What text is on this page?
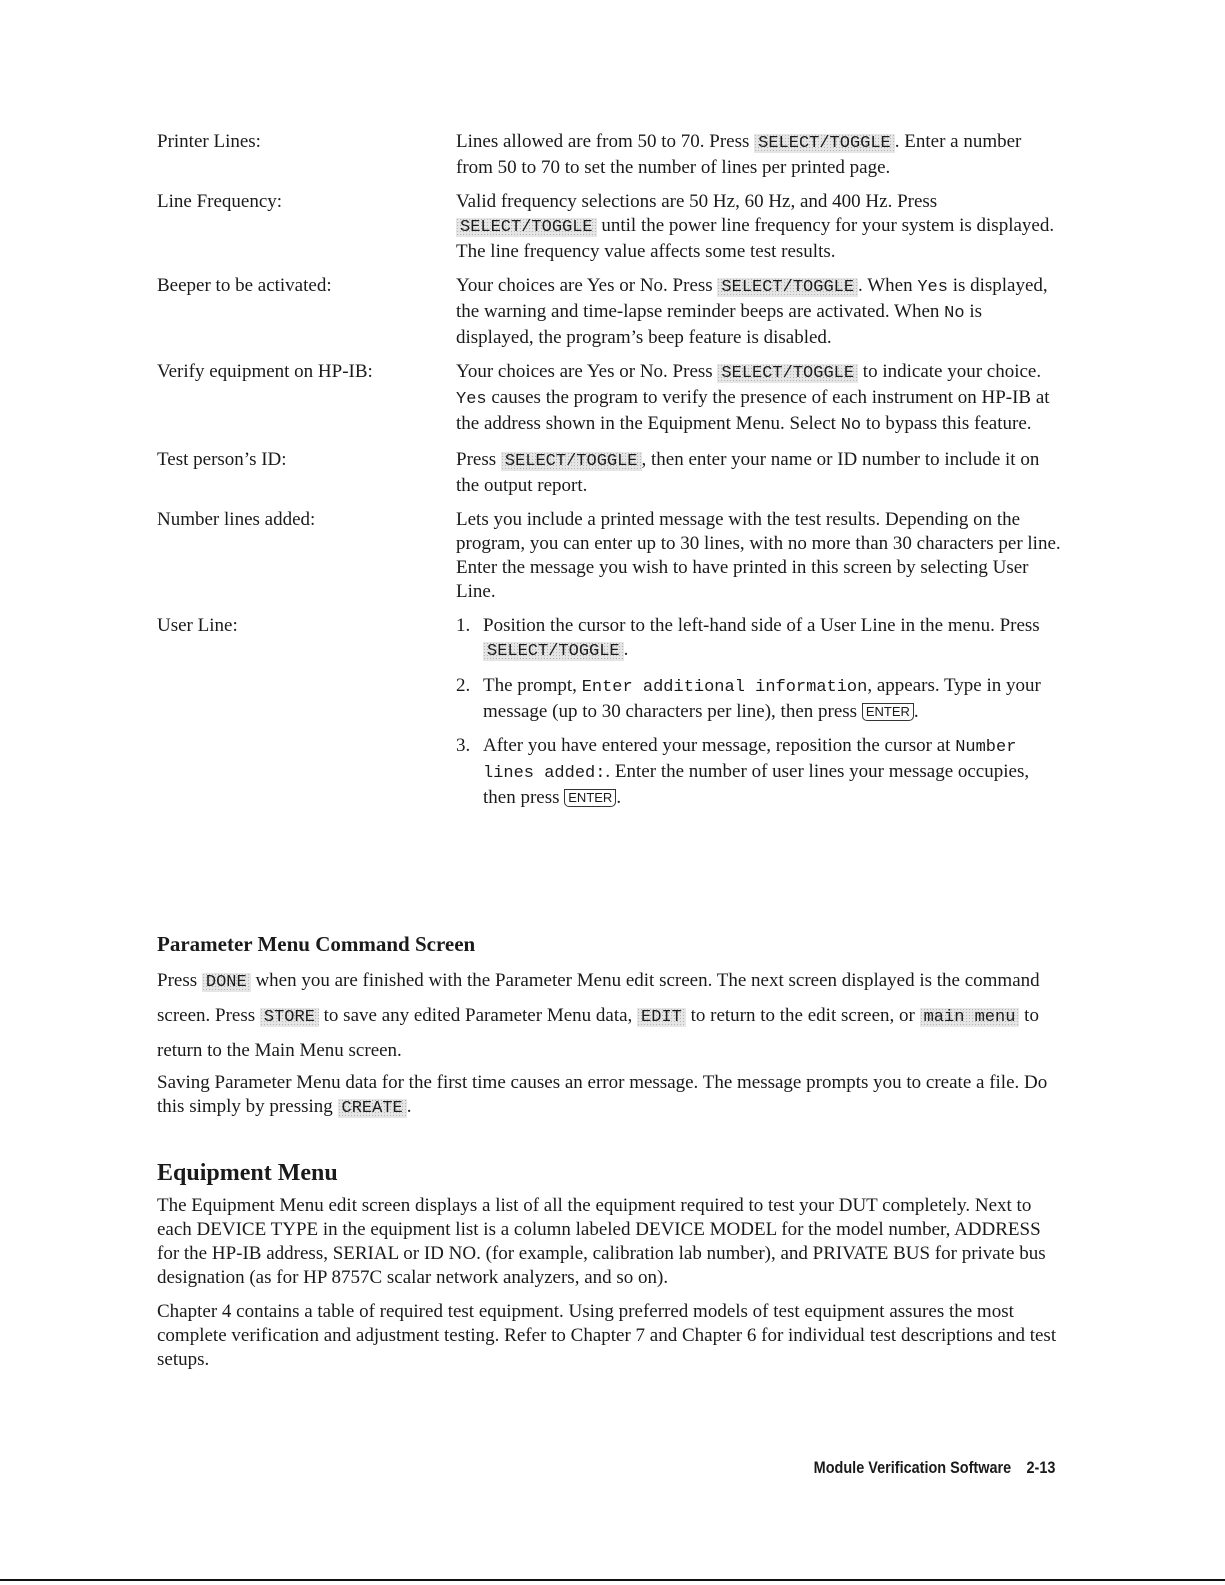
Printer Lines:	Lines allowed are from 50 to 70. Press SELECT/TOGGLE . Enter a number from 50 to 70 to set the number of lines per printed page.

Line Frequency:	Valid frequency selections are 50 Hz, 60 Hz, and 400 Hz. Press SELECT/TOGGLE until the power line frequency for your system is displayed. The line frequency value affects some test results.

Beeper to be activated:	Your choices are Yes or No. Press SELECT/TOGGLE . When Yes is displayed, the warning and time-lapse reminder beeps are activated. When No is displayed, the program’s beep feature is disabled.

Verify equipment on HP-IB:	Your choices are Yes or No. Press SELECT/TOGGLE to indicate your choice. Yes causes the program to verify the presence of each instrument on HP-IB at the address shown in the Equipment Menu. Select No to bypass this feature.

Test person’s ID:	Press SELECT/TOGGLE , then enter your name or ID number to include it on the output report.

Number lines added:	Lets you include a printed message with the test results. Depending on the program, you can enter up to 30 lines, with no more than 30 characters per line. Enter the message you wish to have printed in this screen by selecting User Line.

User Line:	1. Position the cursor to the left-hand side of a User Line in the menu. Press SELECT/TOGGLE .
2. The prompt, Enter additional information, appears. Type in your message (up to 30 characters per line), then press ENTER .
3. After you have entered your message, reposition the cursor at Number lines added:. Enter the number of user lines your message occupies, then press ENTER .
Parameter Menu Command Screen

Press DONE when you are finished with the Parameter Menu edit screen. The next screen displayed is the command screen. Press STORE to save any edited Parameter Menu data, EDIT to return to the edit screen, or main menu to return to the Main Menu screen.

Saving Parameter Menu data for the first time causes an error message. The message prompts you to create a file. Do this simply by pressing CREATE .

Equipment Menu

The Equipment Menu edit screen displays a list of all the equipment required to test your DUT completely. Next to each DEVICE TYPE in the equipment list is a column labeled DEVICE MODEL for the model number, ADDRESS for the HP-IB address, SERIAL or ID NO. (for example, calibration lab number), and PRIVATE BUS for private bus designation (as for HP 8757C scalar network analyzers, and so on).

Chapter 4 contains a table of required test equipment. Using preferred models of test equipment assures the most complete verification and adjustment testing. Refer to Chapter 7 and Chapter 6 for individual test descriptions and test setups.

Module Verification Software 2-13
